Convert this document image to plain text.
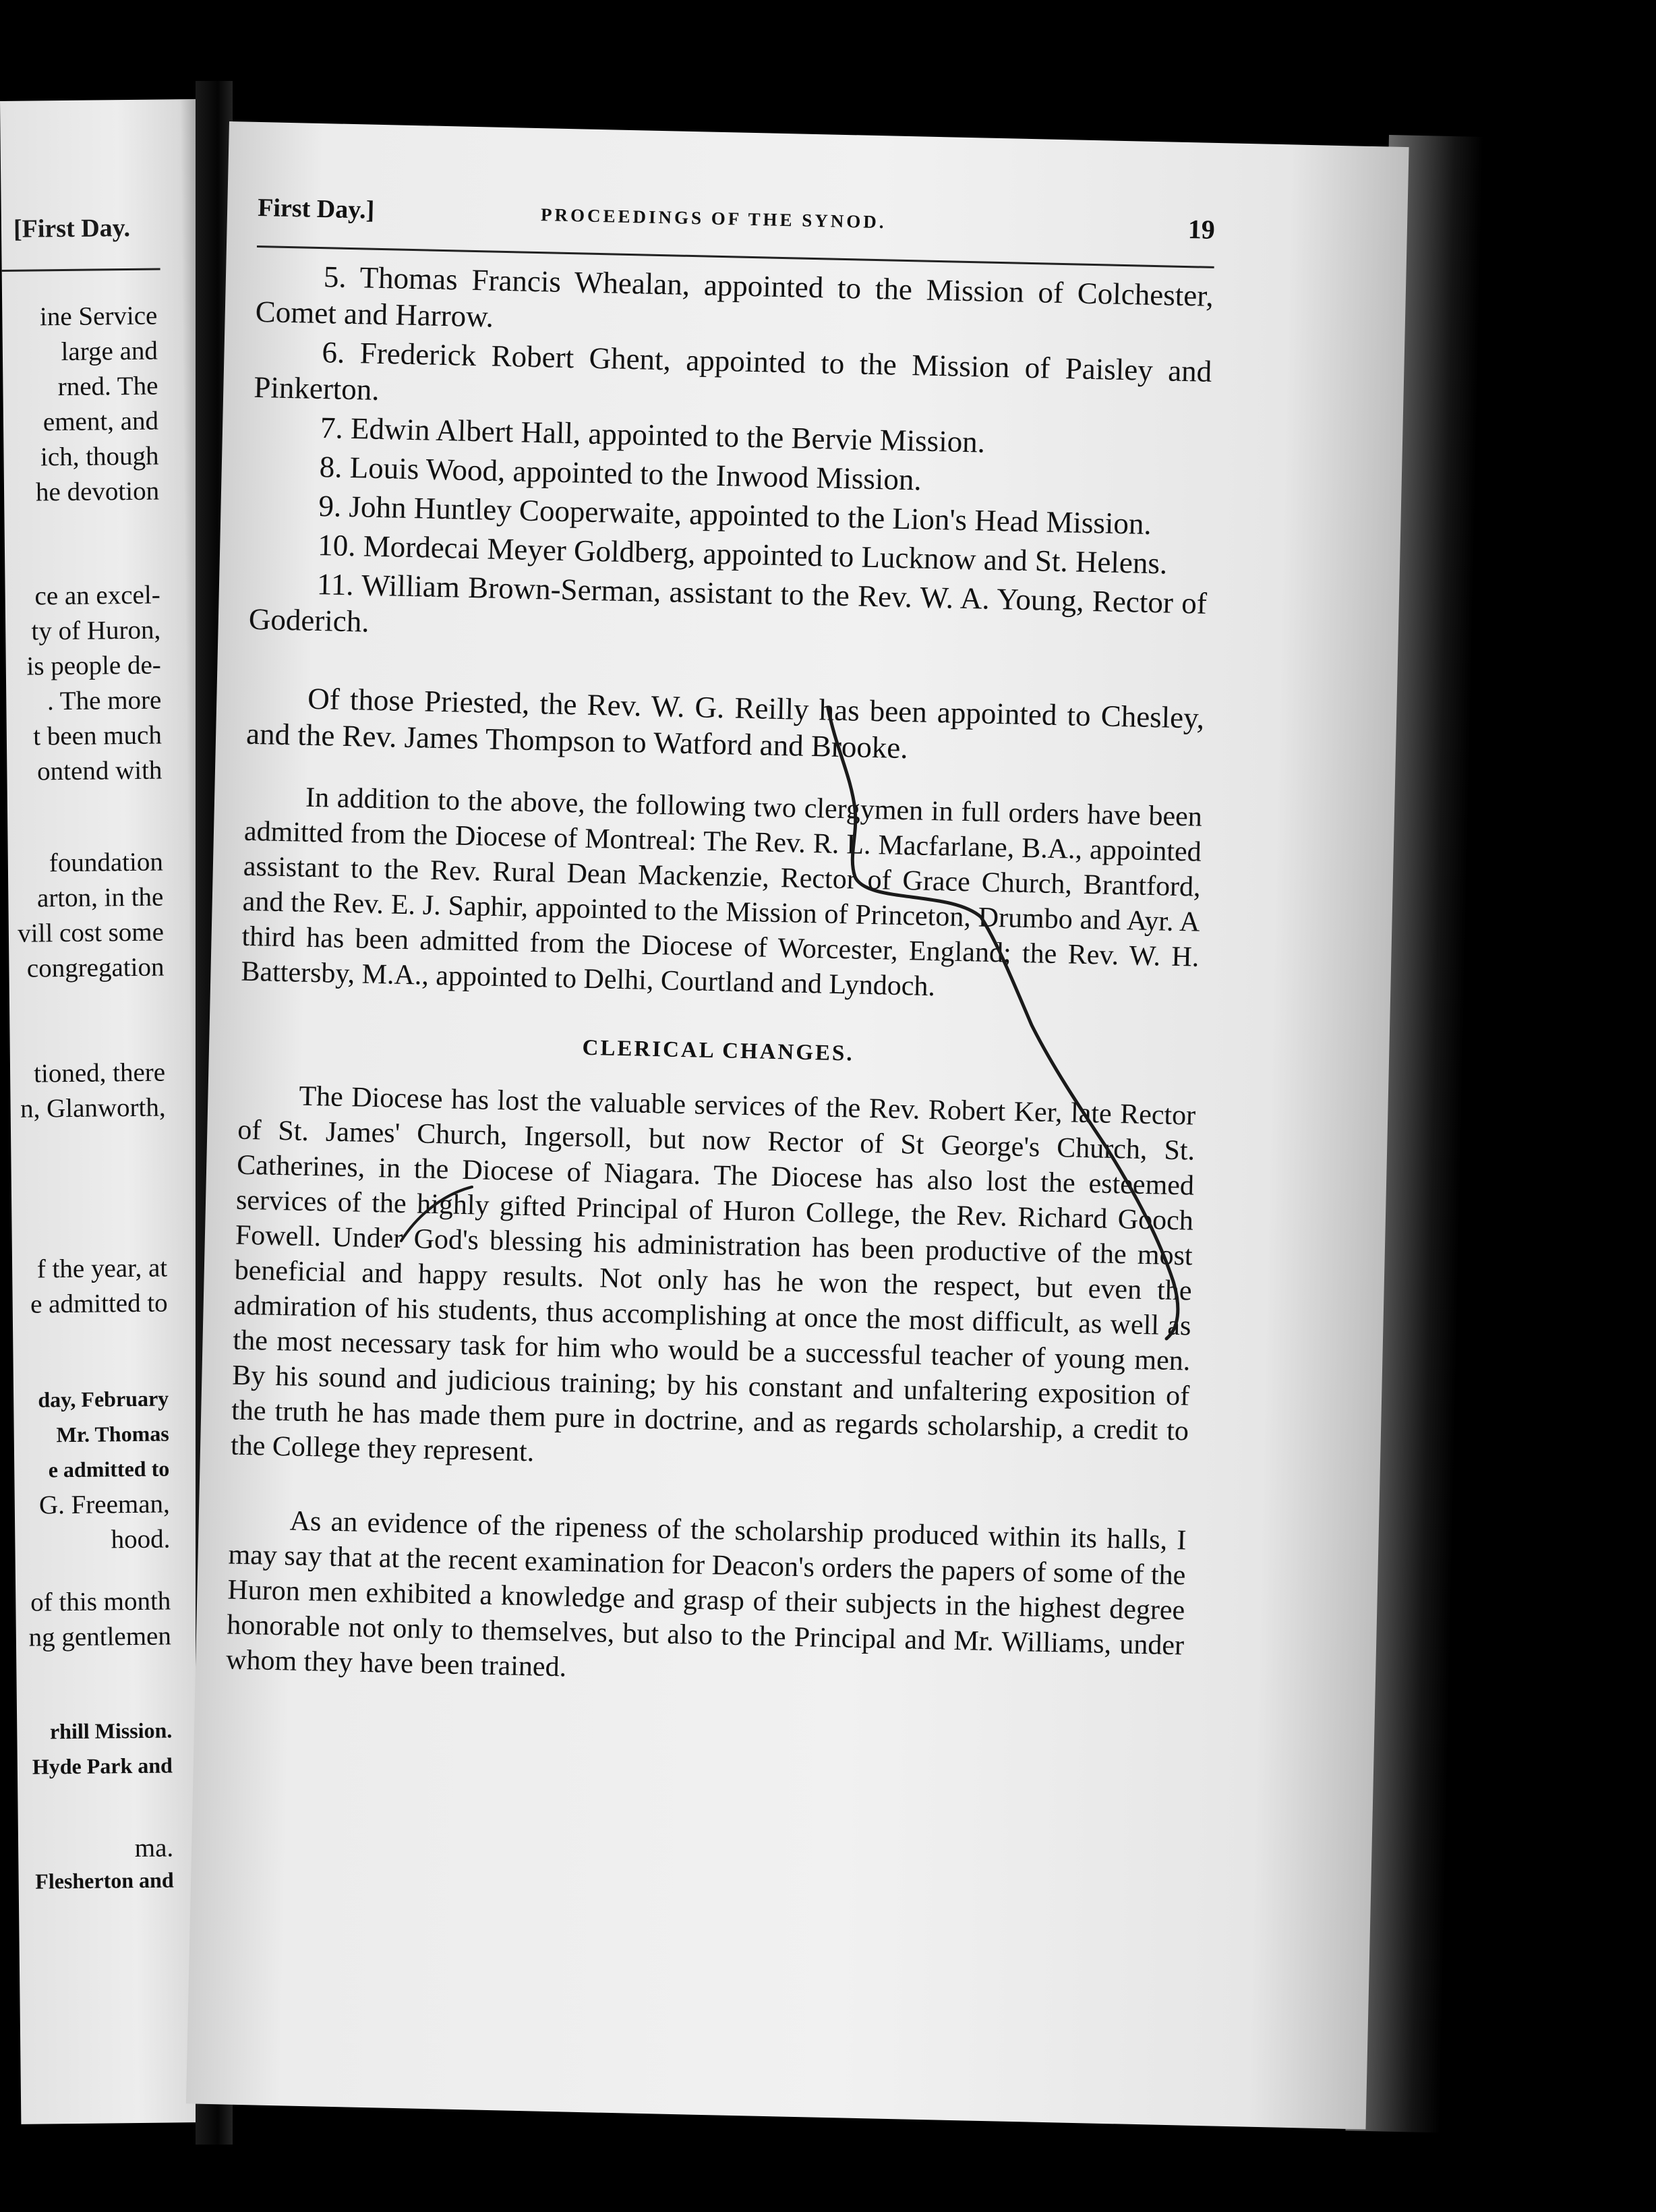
[First Day.
ine Service
large and
rned. The
ement, and
ich, though
he devotion
ce an excel-
ty of Huron,
is people de-
. The more
t been much
ontend with
foundation
arton, in the
vill cost some
congregation
tioned, there
n, Glanworth,
f the year, at
e admitted to
day, February
Mr. Thomas
e admitted to
G. Freeman,
hood.
of this month
ng gentlemen
rhill Mission.
Hyde Park and
ma.
Flesherton and
First Day.]	PROCEEDINGS OF THE SYNOD.	19

5. Thomas Francis Whealan, appointed to the Mission of Colchester, Comet and Harrow.

6. Frederick Robert Ghent, appointed to the Mission of Paisley and Pinkerton.

7. Edwin Albert Hall, appointed to the Bervie Mission.

8. Louis Wood, appointed to the Inwood Mission.

9. John Huntley Cooperwaite, appointed to the Lion's Head Mission.

10. Mordecai Meyer Goldberg, appointed to Lucknow and St. Helens.

11. William Brown-Serman, assistant to the Rev. W. A. Young, Rector of Goderich.

Of those Priested, the Rev. W. G. Reilly has been appointed to Chesley, and the Rev. James Thompson to Watford and Brooke.

In addition to the above, the following two clergymen in full orders have been admitted from the Diocese of Montreal: The Rev. R. L. Macfarlane, B.A., appointed assistant to the Rev. Rural Dean Mackenzie, Rector of Grace Church, Brantford, and the Rev. E. J. Saphir, appointed to the Mission of Princeton, Drumbo and Ayr. A third has been admitted from the Diocese of Worcester, England; the Rev. W. H. Battersby, M.A., appointed to Delhi, Courtland and Lyndoch.

CLERICAL CHANGES.

The Diocese has lost the valuable services of the Rev. Robert Ker, late Rector of St. James' Church, Ingersoll, but now Rector of St George's Church, St. Catherines, in the Diocese of Niagara. The Diocese has also lost the esteemed services of the highly gifted Principal of Huron College, the Rev. Richard Gooch Fowell. Under God's blessing his administration has been productive of the most beneficial and happy results. Not only has he won the respect, but even the admiration of his students, thus accomplishing at once the most difficult, as well as the most necessary task for him who would be a successful teacher of young men. By his sound and judicious training; by his constant and unfaltering exposition of the truth he has made them pure in doctrine, and as regards scholarship, a credit to the College they represent.

As an evidence of the ripeness of the scholarship produced within its halls, I may say that at the recent examination for Deacon's orders the papers of some of the Huron men exhibited a knowledge and grasp of their subjects in the highest degree honorable not only to themselves, but also to the Principal and Mr. Williams, under whom they have been trained.
